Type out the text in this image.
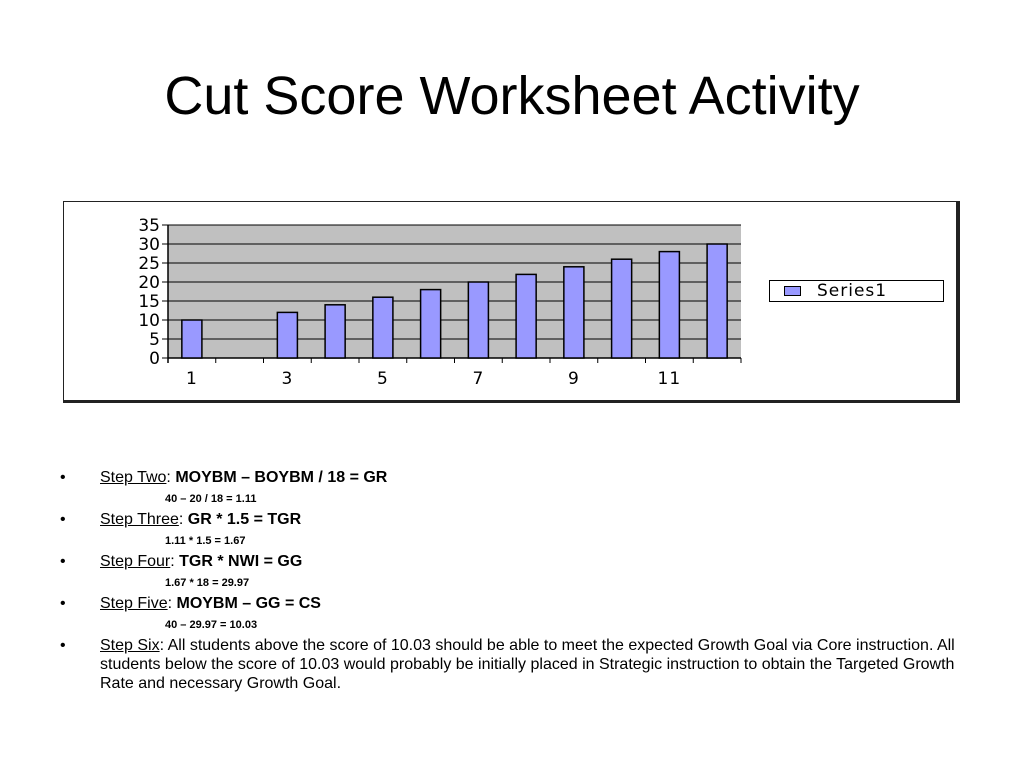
Cut Score Worksheet Activity
0
5
10
15
20
25
30
35
1	3	5	7	9	11
Series1
• Step Two: MOYBM – BOYBM / 18 = GR
40 – 20 / 18 = 1.11
• Step Three: GR * 1.5 = TGR
1.11 * 1.5 = 1.67
• Step Four: TGR * NWI = GG
1.67 * 18 = 29.97
• Step Five: MOYBM – GG = CS
40 – 29.97 = 10.03
• Step Six: All students above the score of 10.03 should be able to meet the expected Growth Goal via Core instruction. All students below the score of 10.03 would probably be initially placed in Strategic instruction to obtain the Targeted Growth Rate and necessary Growth Goal.
